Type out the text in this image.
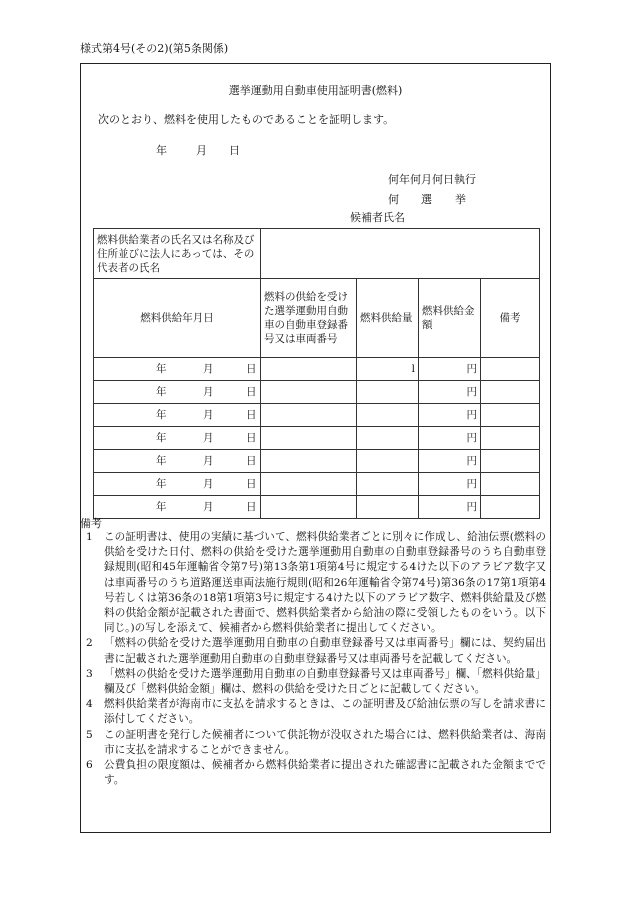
様式第4号(その2)(第5条関係)
選挙運動用自動車使用証明書(燃料)
次のとおり、燃料を使用したものであることを証明します。
年	月 日
何年何月何日執行
何 選 挙
候補者氏名
燃料供給業者の氏名又は名称及び住所並びに法人にあっては、その代表者の氏名				
燃料供給年月日	燃料の供給を受けた選挙運動用自動車の自動車登録番号又は車両番号	燃料供給量	燃料供給金額	備考

年 月 日		l	円	

年 月 日			円	

年 月 日			円	

年 月 日			円	

年 月 日			円	

年 月 日			円	

年 月 日			円	
備考
1	この証明書は、使用の実績に基づいて、燃料供給業者ごとに別々に作成し、給油伝票(燃料の供給を受けた日付、燃料の供給を受けた選挙運動用自動車の自動車登録番号のうち自動車登録規則(昭和45年運輸省令第7号)第13条第1項第4号に規定する4けた以下のアラビア数字又は車両番号のうち道路運送車両法施行規則(昭和26年運輸省令第74号)第36条の17第1項第4号若しくは第36条の18第1項第3号に規定する4けた以下のアラビア数字、燃料供給量及び燃料の供給金額が記載された書面で、燃料供給業者から給油の際に受領したものをいう。以下同じ。)の写しを添えて、候補者から燃料供給業者に提出してください。
2	「燃料の供給を受けた選挙運動用自動車の自動車登録番号又は車両番号」欄には、契約届出書に記載された選挙運動用自動車の自動車登録番号又は車両番号を記載してください。
3	「燃料の供給を受けた選挙運動用自動車の自動車登録番号又は車両番号」欄、「燃料供給量」欄及び「燃料供給金額」欄は、燃料の供給を受けた日ごとに記載してください。
4	燃料供給業者が海南市に支払を請求するときは、この証明書及び給油伝票の写しを請求書に添付してください。
5	この証明書を発行した候補者について供託物が没収された場合には、燃料供給業者は、海南市に支払を請求することができません。
6	公費負担の限度額は、候補者から燃料供給業者に提出された確認書に記載された金額までです。
